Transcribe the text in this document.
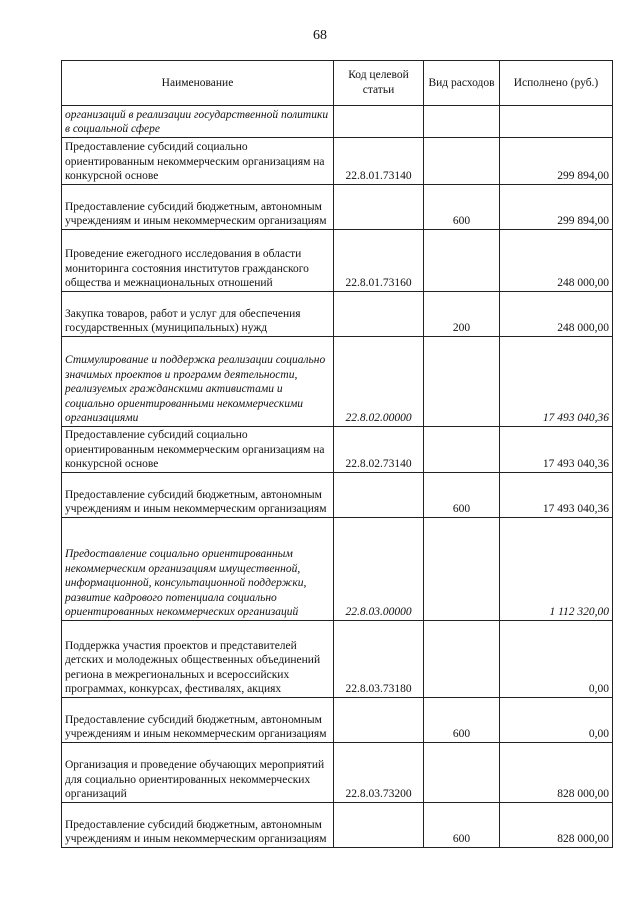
68
Наименование	Код целевой статьи	Вид расходов	Исполнено (руб.)
организаций в реализации государственной политики в социальной сфере			
Предоставление субсидий социально ориентированным некоммерческим организациям на конкурсной основе	22.8.01.73140		299 894,00
Предоставление субсидий бюджетным, автономным учреждениям и иным некоммерческим организациям		600	299 894,00
Проведение ежегодного исследования в области мониторинга состояния институтов гражданского общества и межнациональных отношений	22.8.01.73160		248 000,00
Закупка товаров, работ и услуг для обеспечения государственных (муниципальных) нужд		200	248 000,00
Стимулирование и поддержка реализации социально значимых проектов и программ деятельности, реализуемых гражданскими активистами и социально ориентированными некоммерческими организациями	22.8.02.00000		17 493 040,36
Предоставление субсидий социально ориентированным некоммерческим организациям на конкурсной основе	22.8.02.73140		17 493 040,36
Предоставление субсидий бюджетным, автономным учреждениям и иным некоммерческим организациям		600	17 493 040,36
Предоставление социально ориентированным некоммерческим организациям имущественной, информационной, консультационной поддержки, развитие кадрового потенциала социально ориентированных некоммерческих организаций	22.8.03.00000		1 112 320,00
Поддержка участия проектов и представителей детских и молодежных общественных объединений региона в межрегиональных и всероссийских программах, конкурсах, фестивалях, акциях	22.8.03.73180		0,00
Предоставление субсидий бюджетным, автономным учреждениям и иным некоммерческим организациям		600	0,00
Организация и проведение обучающих мероприятий для социально ориентированных некоммерческих организаций	22.8.03.73200		828 000,00
Предоставление субсидий бюджетным, автономным учреждениям и иным некоммерческим организациям		600	828 000,00
